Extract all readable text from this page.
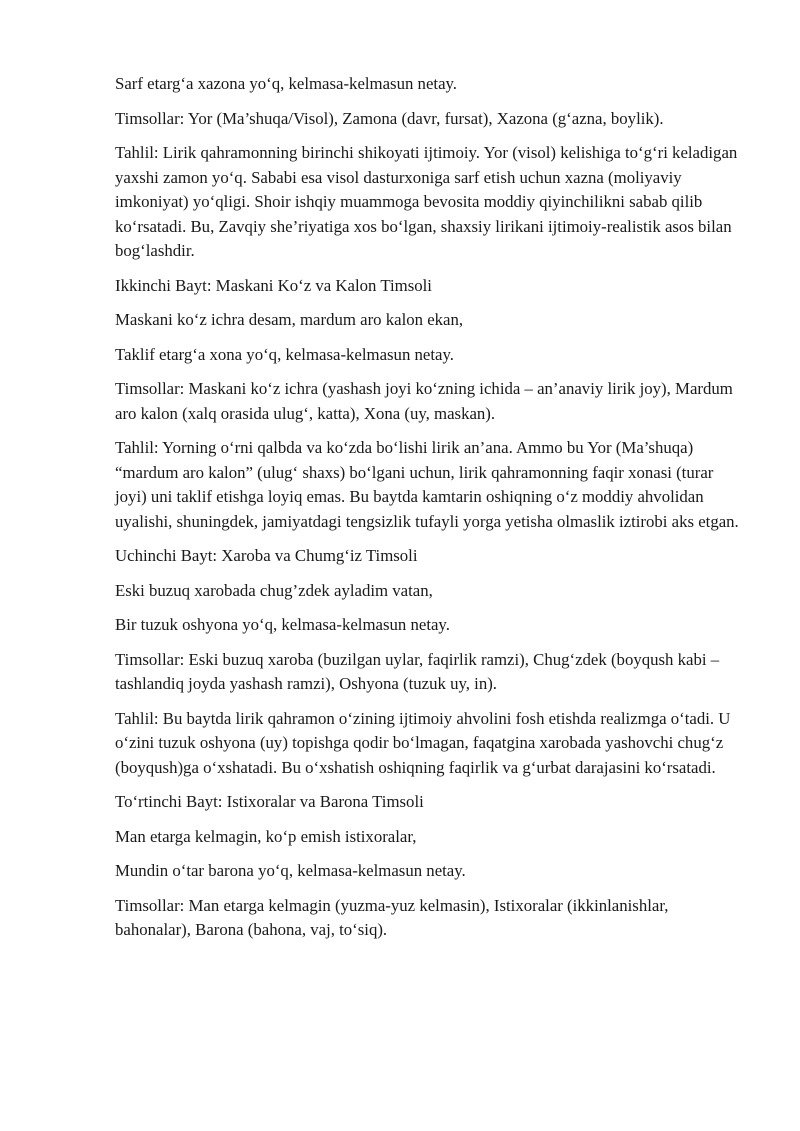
Sarf etarg‘a xazona yo‘q, kelmasa-kelmasun netay.

Timsollar: Yor (Ma’shuqa/Visol), Zamona (davr, fursat), Xazona (g‘azna, boylik).

Tahlil: Lirik qahramonning birinchi shikoyati ijtimoiy. Yor (visol) kelishiga to‘g‘ri keladigan yaxshi zamon yo‘q. Sababi esa visol dasturxoniga sarf etish uchun xazna (moliyaviy imkoniyat) yo‘qligi. Shoir ishqiy muammoga bevosita moddiy qiyinchilikni sabab qilib ko‘rsatadi. Bu, Zavqiy she’riyatiga xos bo‘lgan, shaxsiy lirikani ijtimoiy-realistik asos bilan bog‘lashdir.

Ikkinchi Bayt: Maskani Ko‘z va Kalon Timsoli

Maskani ko‘z ichra desam, mardum aro kalon ekan,

Taklif etarg‘a xona yo‘q, kelmasa-kelmasun netay.

Timsollar: Maskani ko‘z ichra (yashash joyi ko‘zning ichida – an’anaviy lirik joy), Mardum aro kalon (xalq orasida ulug‘, katta), Xona (uy, maskan).

Tahlil: Yorning o‘rni qalbda va ko‘zda bo‘lishi lirik an’ana. Ammo bu Yor (Ma’shuqa) “mardum aro kalon” (ulug‘ shaxs) bo‘lgani uchun, lirik qahramonning faqir xonasi (turar joyi) uni taklif etishga loyiq emas. Bu baytda kamtarin oshiqning o‘z moddiy ahvolidan uyalishi, shuningdek, jamiyatdagi tengsizlik tufayli yorga yetisha olmaslik iztirobi aks etgan.

Uchinchi Bayt: Xaroba va Chumg‘iz Timsoli

Eski buzuq xarobada chug’zdek ayladim vatan,

Bir tuzuk oshyona yo‘q, kelmasa-kelmasun netay.

Timsollar: Eski buzuq xaroba (buzilgan uylar, faqirlik ramzi), Chug‘zdek (boyqush kabi – tashlandiq joyda yashash ramzi), Oshyona (tuzuk uy, in).

Tahlil: Bu baytda lirik qahramon o‘zining ijtimoiy ahvolini fosh etishda realizmga o‘tadi. U o‘zini tuzuk oshyona (uy) topishga qodir bo‘lmagan, faqatgina xarobada yashovchi chug‘z (boyqush)ga o‘xshatadi. Bu o‘xshatish oshiqning faqirlik va g‘urbat darajasini ko‘rsatadi.

To‘rtinchi Bayt: Istixoralar va Barona Timsoli

Man etarga kelmagin, ko‘p emish istixoralar,

Mundin o‘tar barona yo‘q, kelmasa-kelmasun netay.

Timsollar: Man etarga kelmagin (yuzma-yuz kelmasin), Istixoralar (ikkinlanishlar, bahonalar), Barona (bahona, vaj, to‘siq).
